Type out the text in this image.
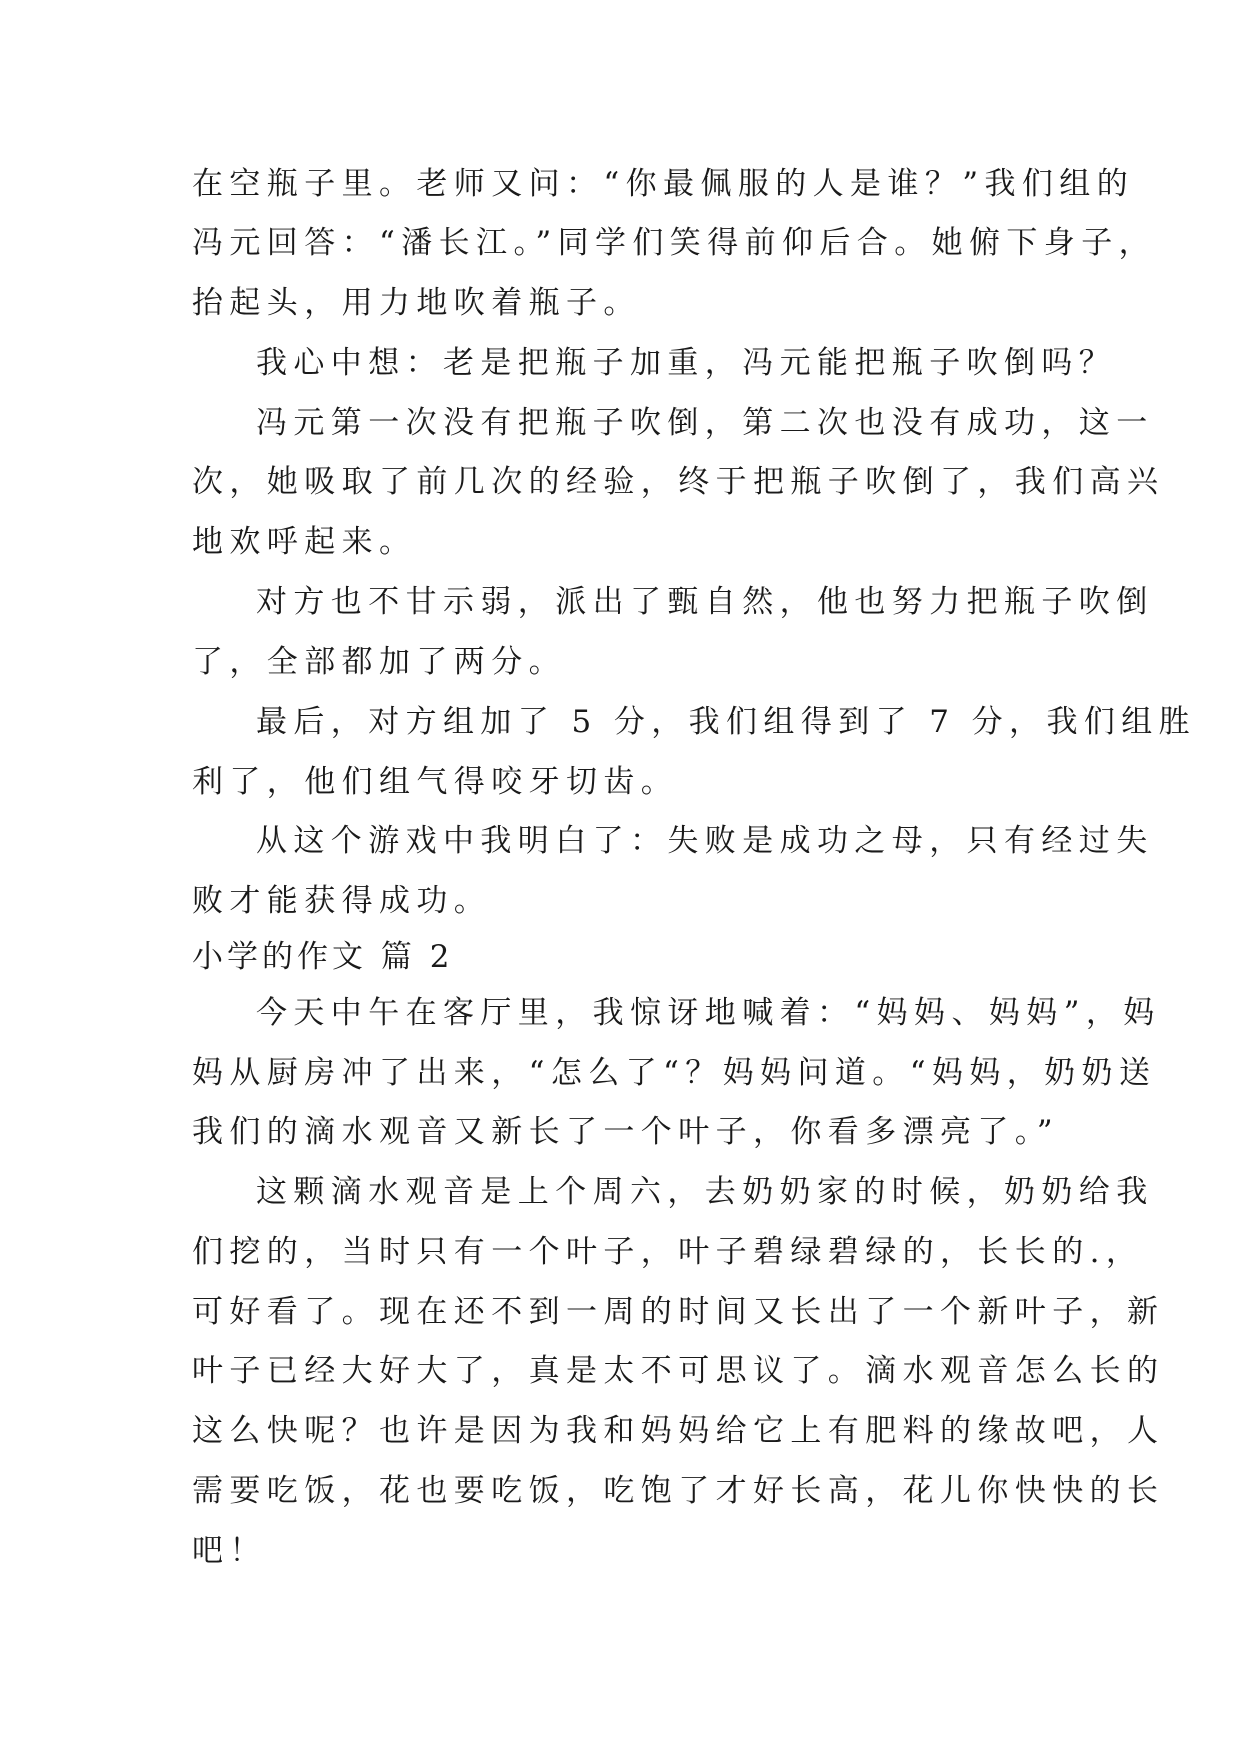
在空瓶子里。老师又问：“你最佩服的人是谁？”我们组的
冯元回答：“潘长江。”同学们笑得前仰后合。她俯下身子，
抬起头，用力地吹着瓶子。
我心中想：老是把瓶子加重，冯元能把瓶子吹倒吗？
冯元第一次没有把瓶子吹倒，第二次也没有成功，这一
次，她吸取了前几次的经验，终于把瓶子吹倒了，我们高兴
地欢呼起来。
对方也不甘示弱，派出了甄自然，他也努力把瓶子吹倒
了，全部都加了两分。
最后，对方组加了 5 分，我们组得到了 7 分，我们组胜
利了，他们组气得咬牙切齿。
从这个游戏中我明白了：失败是成功之母，只有经过失
败才能获得成功。
小学的作文 篇 2
今天中午在客厅里，我惊讶地喊着：“妈妈、妈妈”，妈
妈从厨房冲了出来，“怎么了“？妈妈问道。“妈妈，奶奶送
我们的滴水观音又新长了一个叶子，你看多漂亮了。”
这颗滴水观音是上个周六，去奶奶家的时候，奶奶给我
们挖的，当时只有一个叶子，叶子碧绿碧绿的，长长的.，
可好看了。现在还不到一周的时间又长出了一个新叶子，新
叶子已经大好大了，真是太不可思议了。滴水观音怎么长的
这么快呢？也许是因为我和妈妈给它上有肥料的缘故吧，人
需要吃饭，花也要吃饭，吃饱了才好长高，花儿你快快的长
吧！
